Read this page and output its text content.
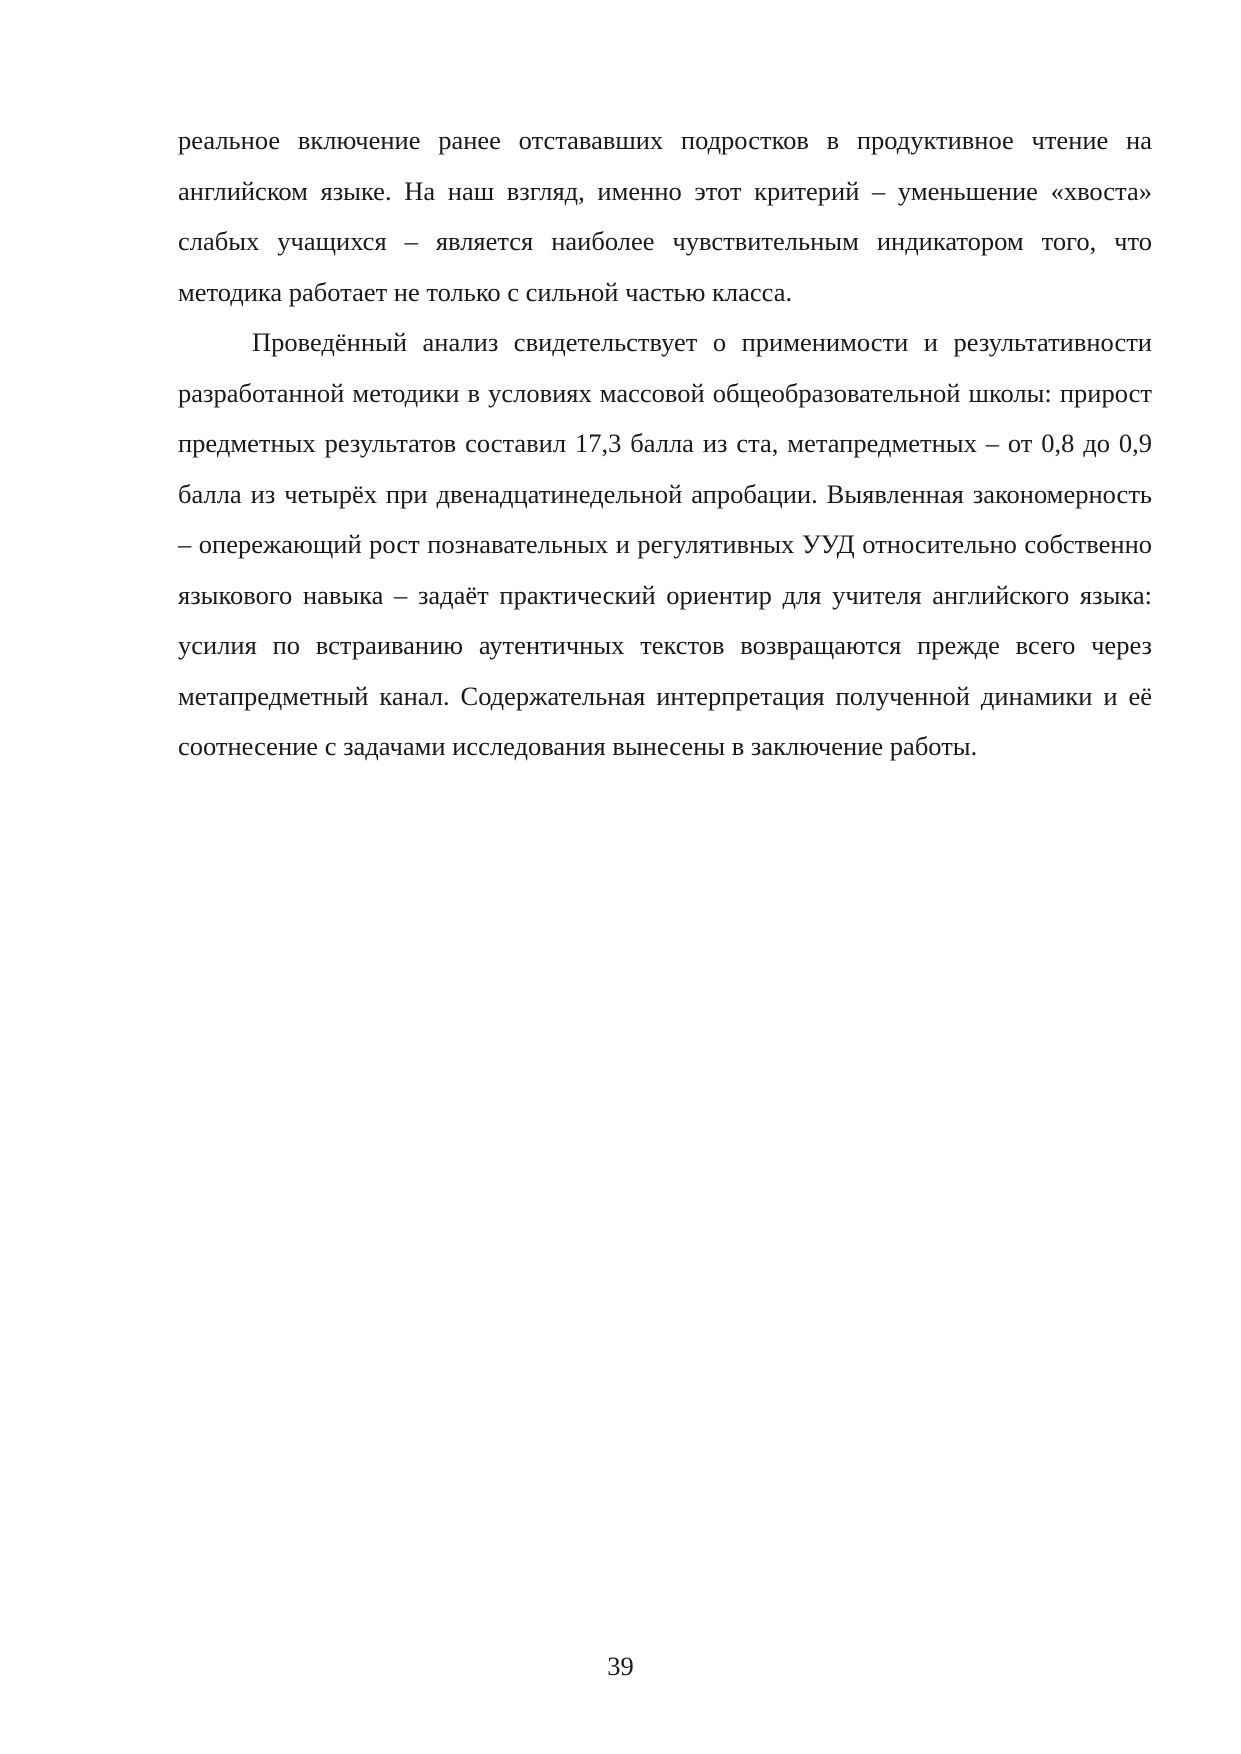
реальное включение ранее отстававших подростков в продуктивное чтение на английском языке. На наш взгляд, именно этот критерий – уменьшение «хвоста» слабых учащихся – является наиболее чувствительным индикатором того, что методика работает не только с сильной частью класса.

Проведённый анализ свидетельствует о применимости и результативности разработанной методики в условиях массовой общеобразовательной школы: прирост предметных результатов составил 17,3 балла из ста, метапредметных – от 0,8 до 0,9 балла из четырёх при двенадцатинедельной апробации. Выявленная закономерность – опережающий рост познавательных и регулятивных УУД относительно собственно языкового навыка – задаёт практический ориентир для учителя английского языка: усилия по встраиванию аутентичных текстов возвращаются прежде всего через метапредметный канал. Содержательная интерпретация полученной динамики и её соотнесение с задачами исследования вынесены в заключение работы.

39
